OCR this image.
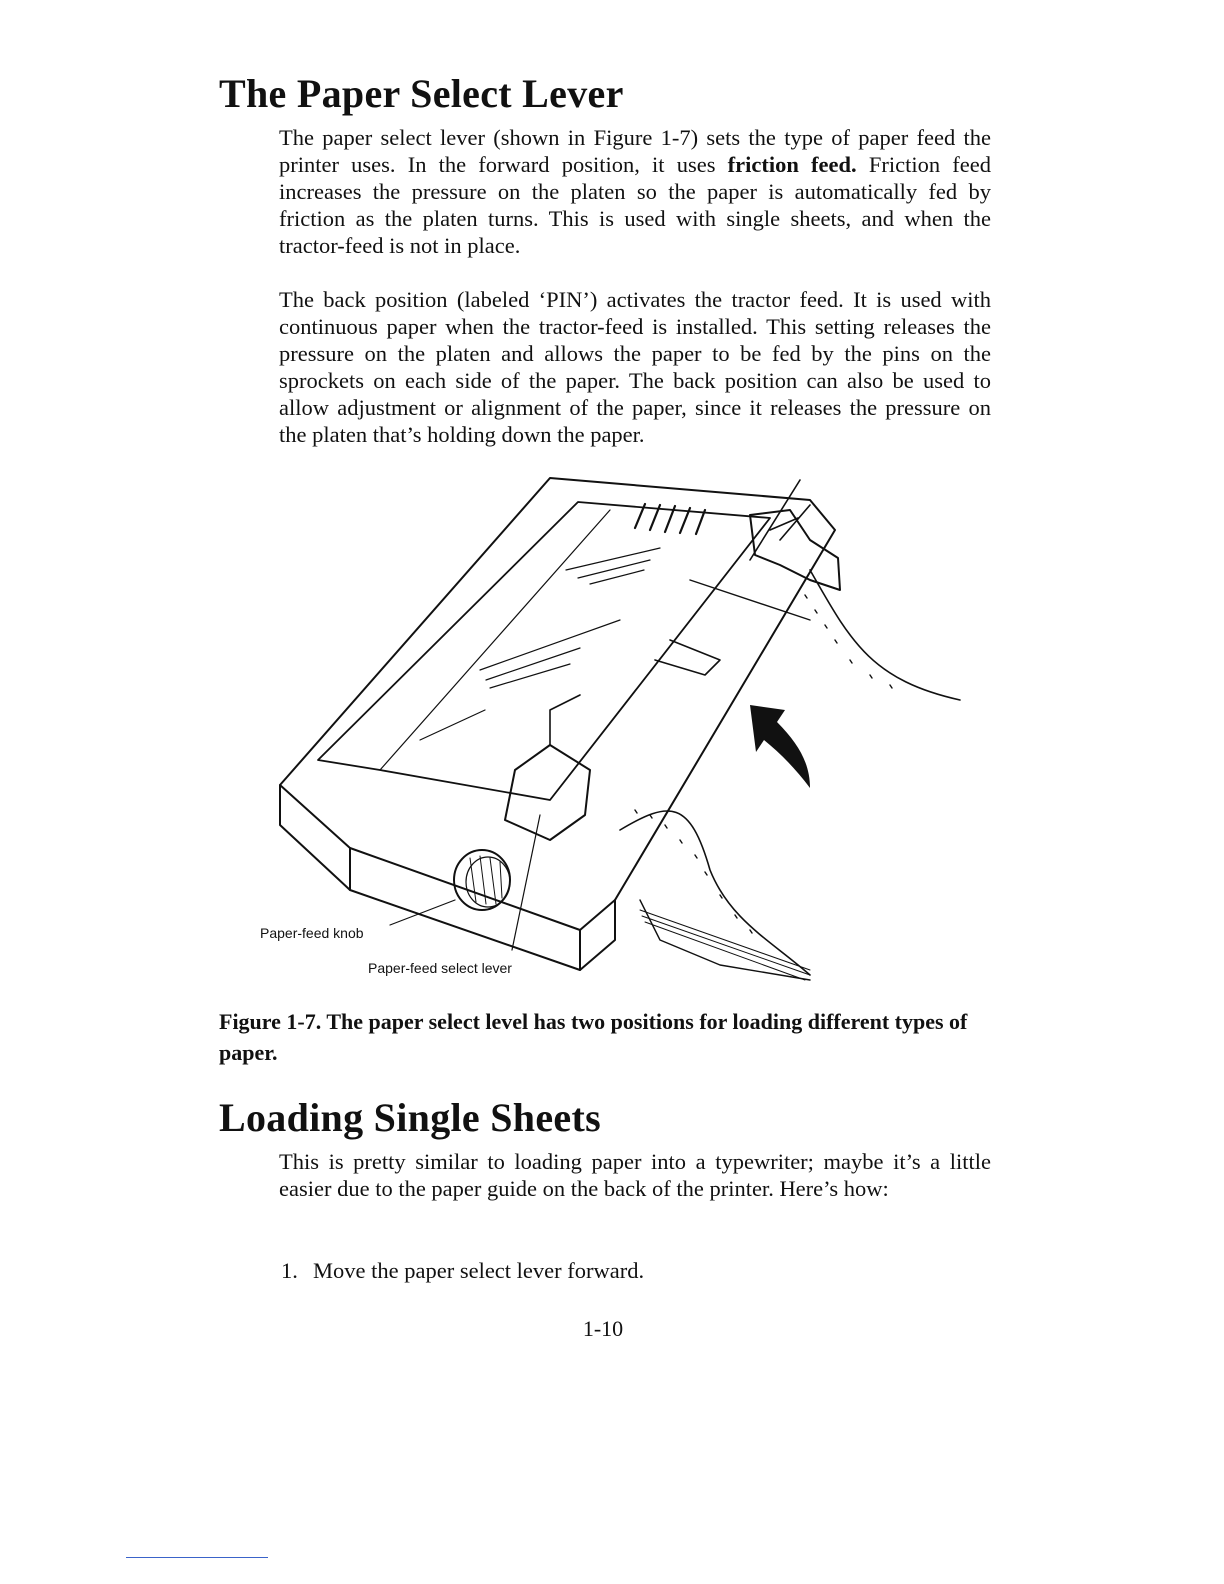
The Paper Select Lever

The paper select lever (shown in Figure 1-7) sets the type of paper feed the printer uses. In the forward position, it uses friction feed. Friction feed increases the pressure on the platen so the paper is automatically fed by friction as the platen turns. This is used with single sheets, and when the tractor-feed is not in place.

The back position (labeled ‘PIN’) activates the tractor feed. It is used with continuous paper when the tractor-feed is installed. This setting releases the pressure on the platen and allows the paper to be fed by the pins on the sprockets on each side of the paper. The back position can also be used to allow adjustment or alignment of the paper, since it releases the pressure on the platen that’s holding down the paper.

Paper-feed knob
Paper-feed select lever

Figure 1-7. The paper select level has two positions for loading different types of paper.

Loading Single Sheets

This is pretty similar to loading paper into a typewriter; maybe it’s a little easier due to the paper guide on the back of the printer. Here’s how:

1. Move the paper select lever forward.
1-10
